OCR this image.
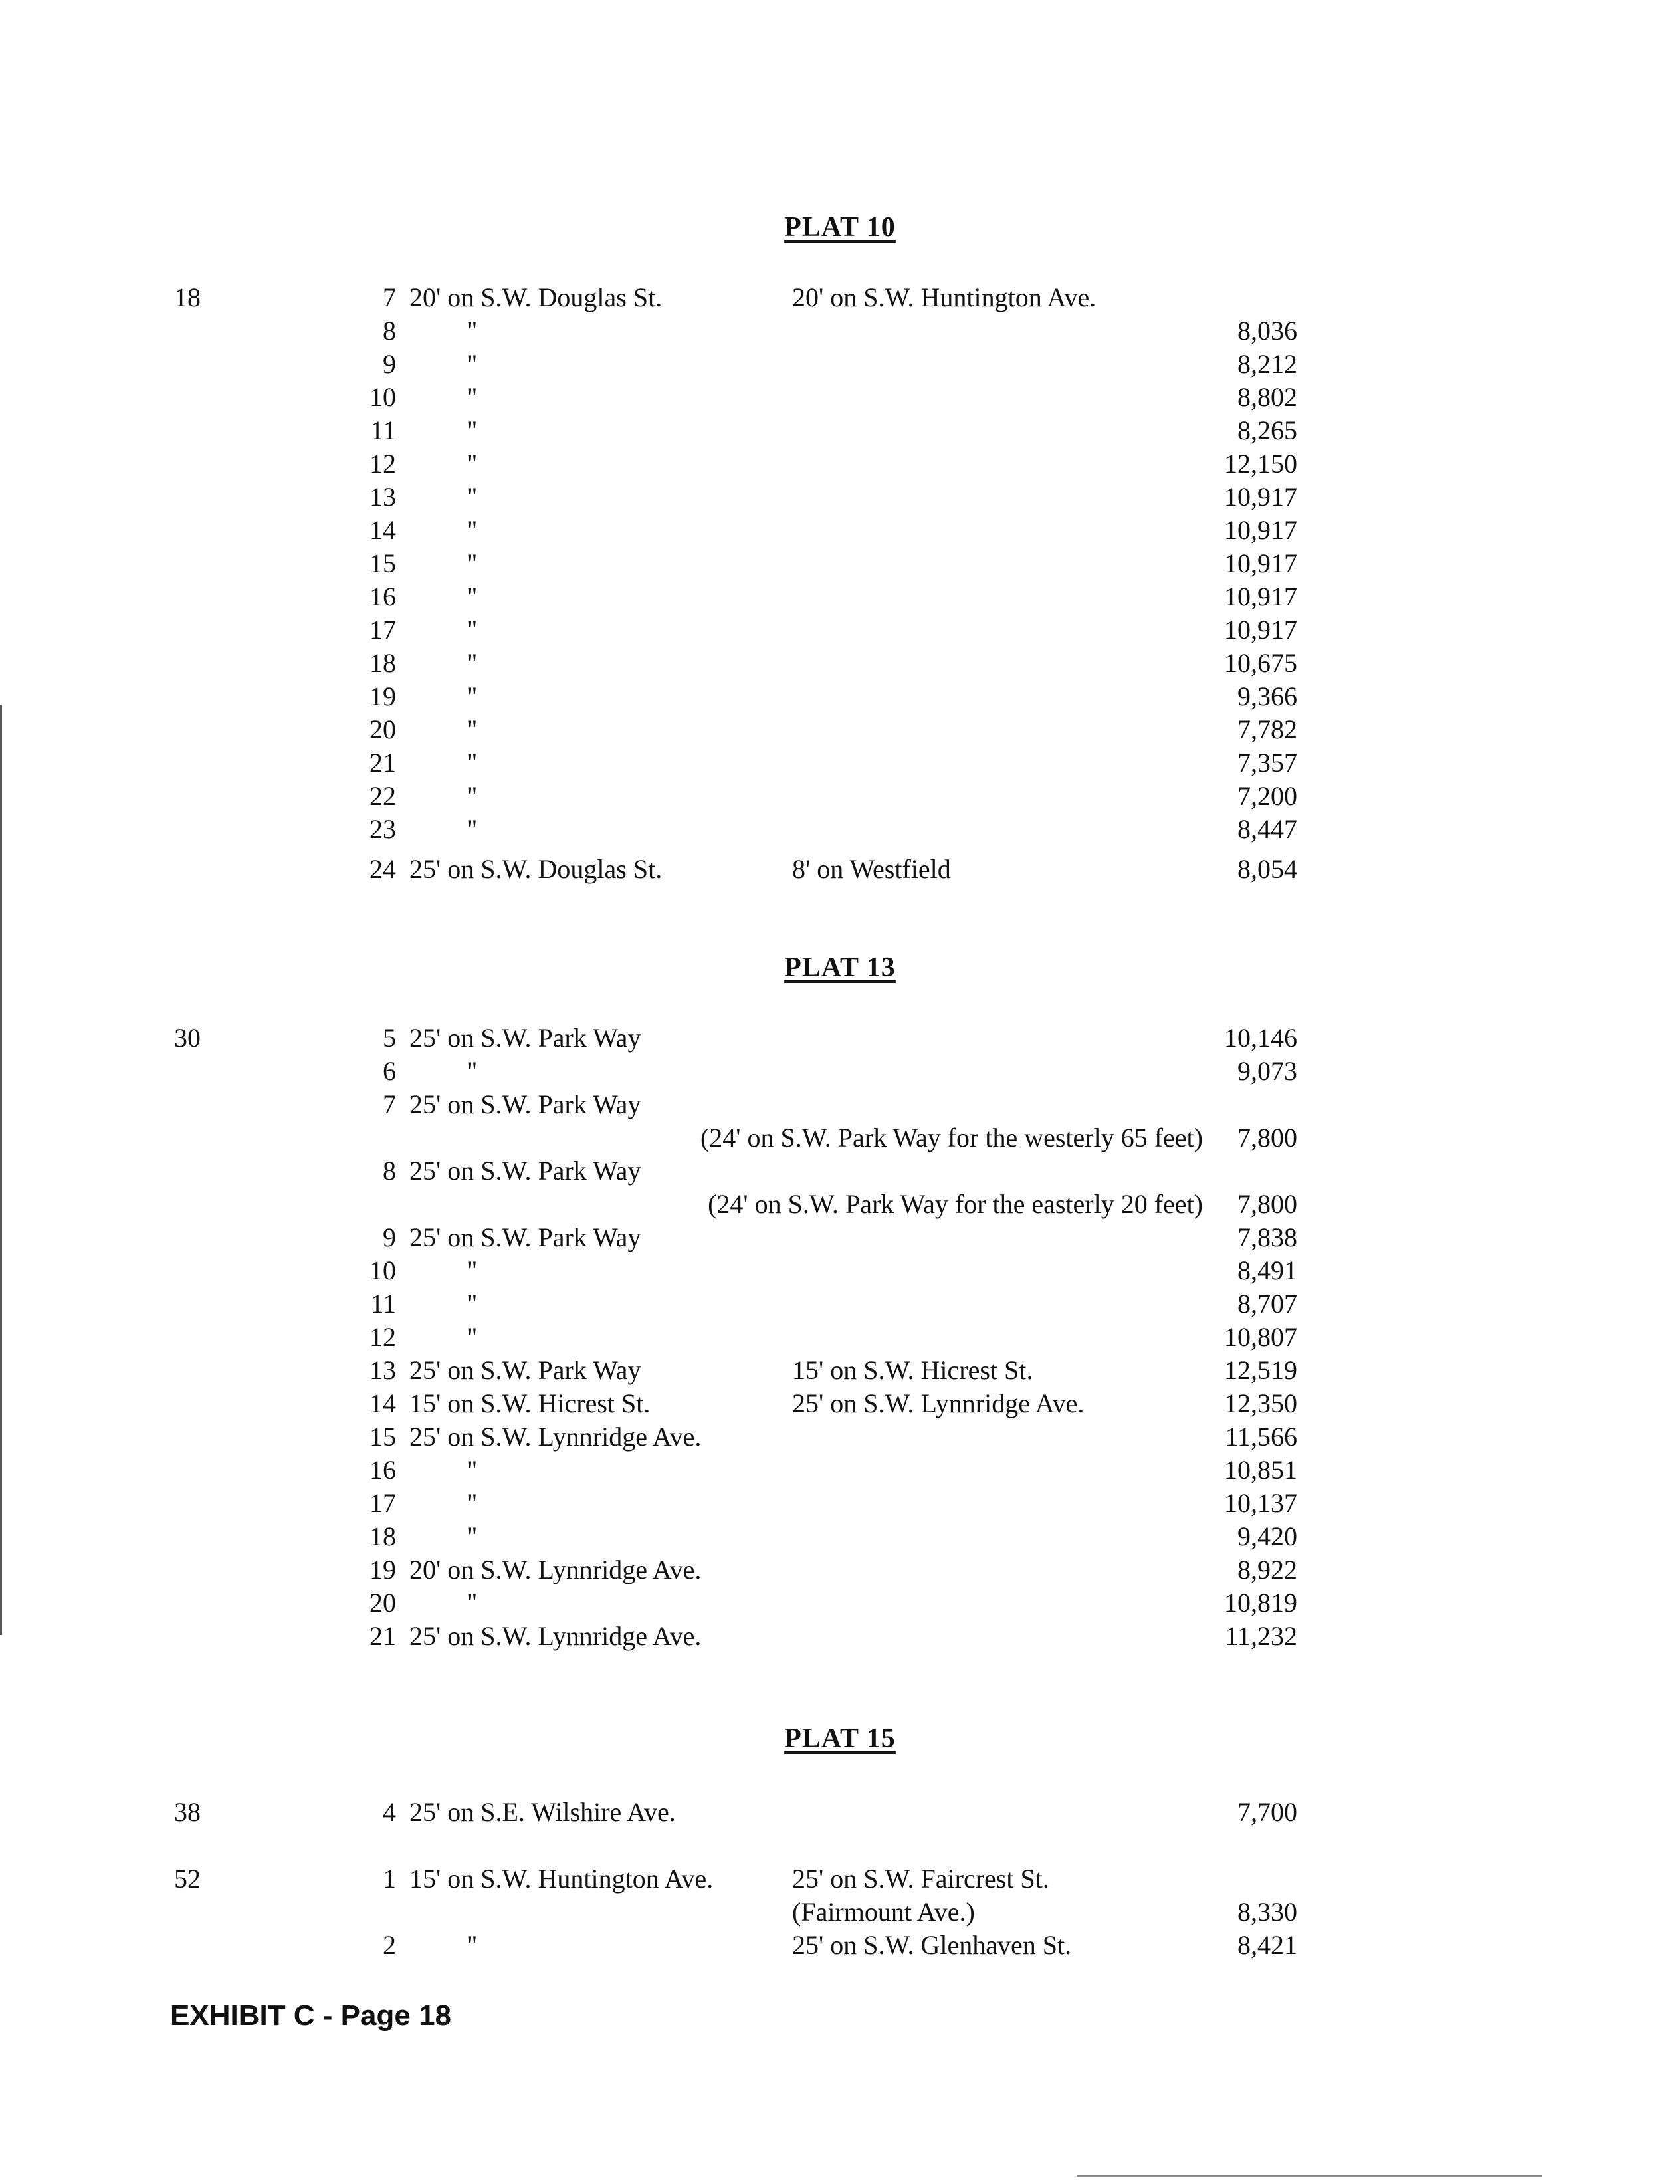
PLAT 10
18	7 20' on S.W. Douglas St.	20' on S.W. Huntington Ave.
8	"	8,036
9	"	8,212
10	"	8,802
11	"	8,265
12	"	12,150
13	"	10,917
14	"	10,917
15	"	10,917
16	"	10,917
17	"	10,917
18	"	10,675
19	"	9,366
20	"	7,782
21	"	7,357
22	"	7,200
23	"	8,447
24 25' on S.W. Douglas St.	8' on Westfield	8,054
PLAT 13
30	5 25' on S.W. Park Way	10,146
6	"	9,073
7 25' on S.W. Park Way
(24' on S.W. Park Way for the westerly 65 feet) 7,800
8 25' on S.W. Park Way
(24' on S.W. Park Way for the easterly 20 feet) 7,800
9 25' on S.W. Park Way	7,838
10	"	8,491
11	"	8,707
12	"	10,807
13 25' on S.W. Park Way	15' on S.W. Hicrest St.	12,519
14 15' on S.W. Hicrest St.	25' on S.W. Lynnridge Ave.	12,350
15 25' on S.W. Lynnridge Ave.	11,566
16	"	10,851
17	"	10,137
18	"	9,420
19 20' on S.W. Lynnridge Ave.	8,922
20	"	10,819
21 25' on S.W. Lynnridge Ave.	11,232
PLAT 15
38	4 25' on S.E. Wilshire Ave.	7,700
52	1 15' on S.W. Huntington Ave.	25' on S.W. Faircrest St.
(Fairmount Ave.)	8,330
2	"	25' on S.W. Glenhaven St.	8,421
EXHIBIT C - Page 18
